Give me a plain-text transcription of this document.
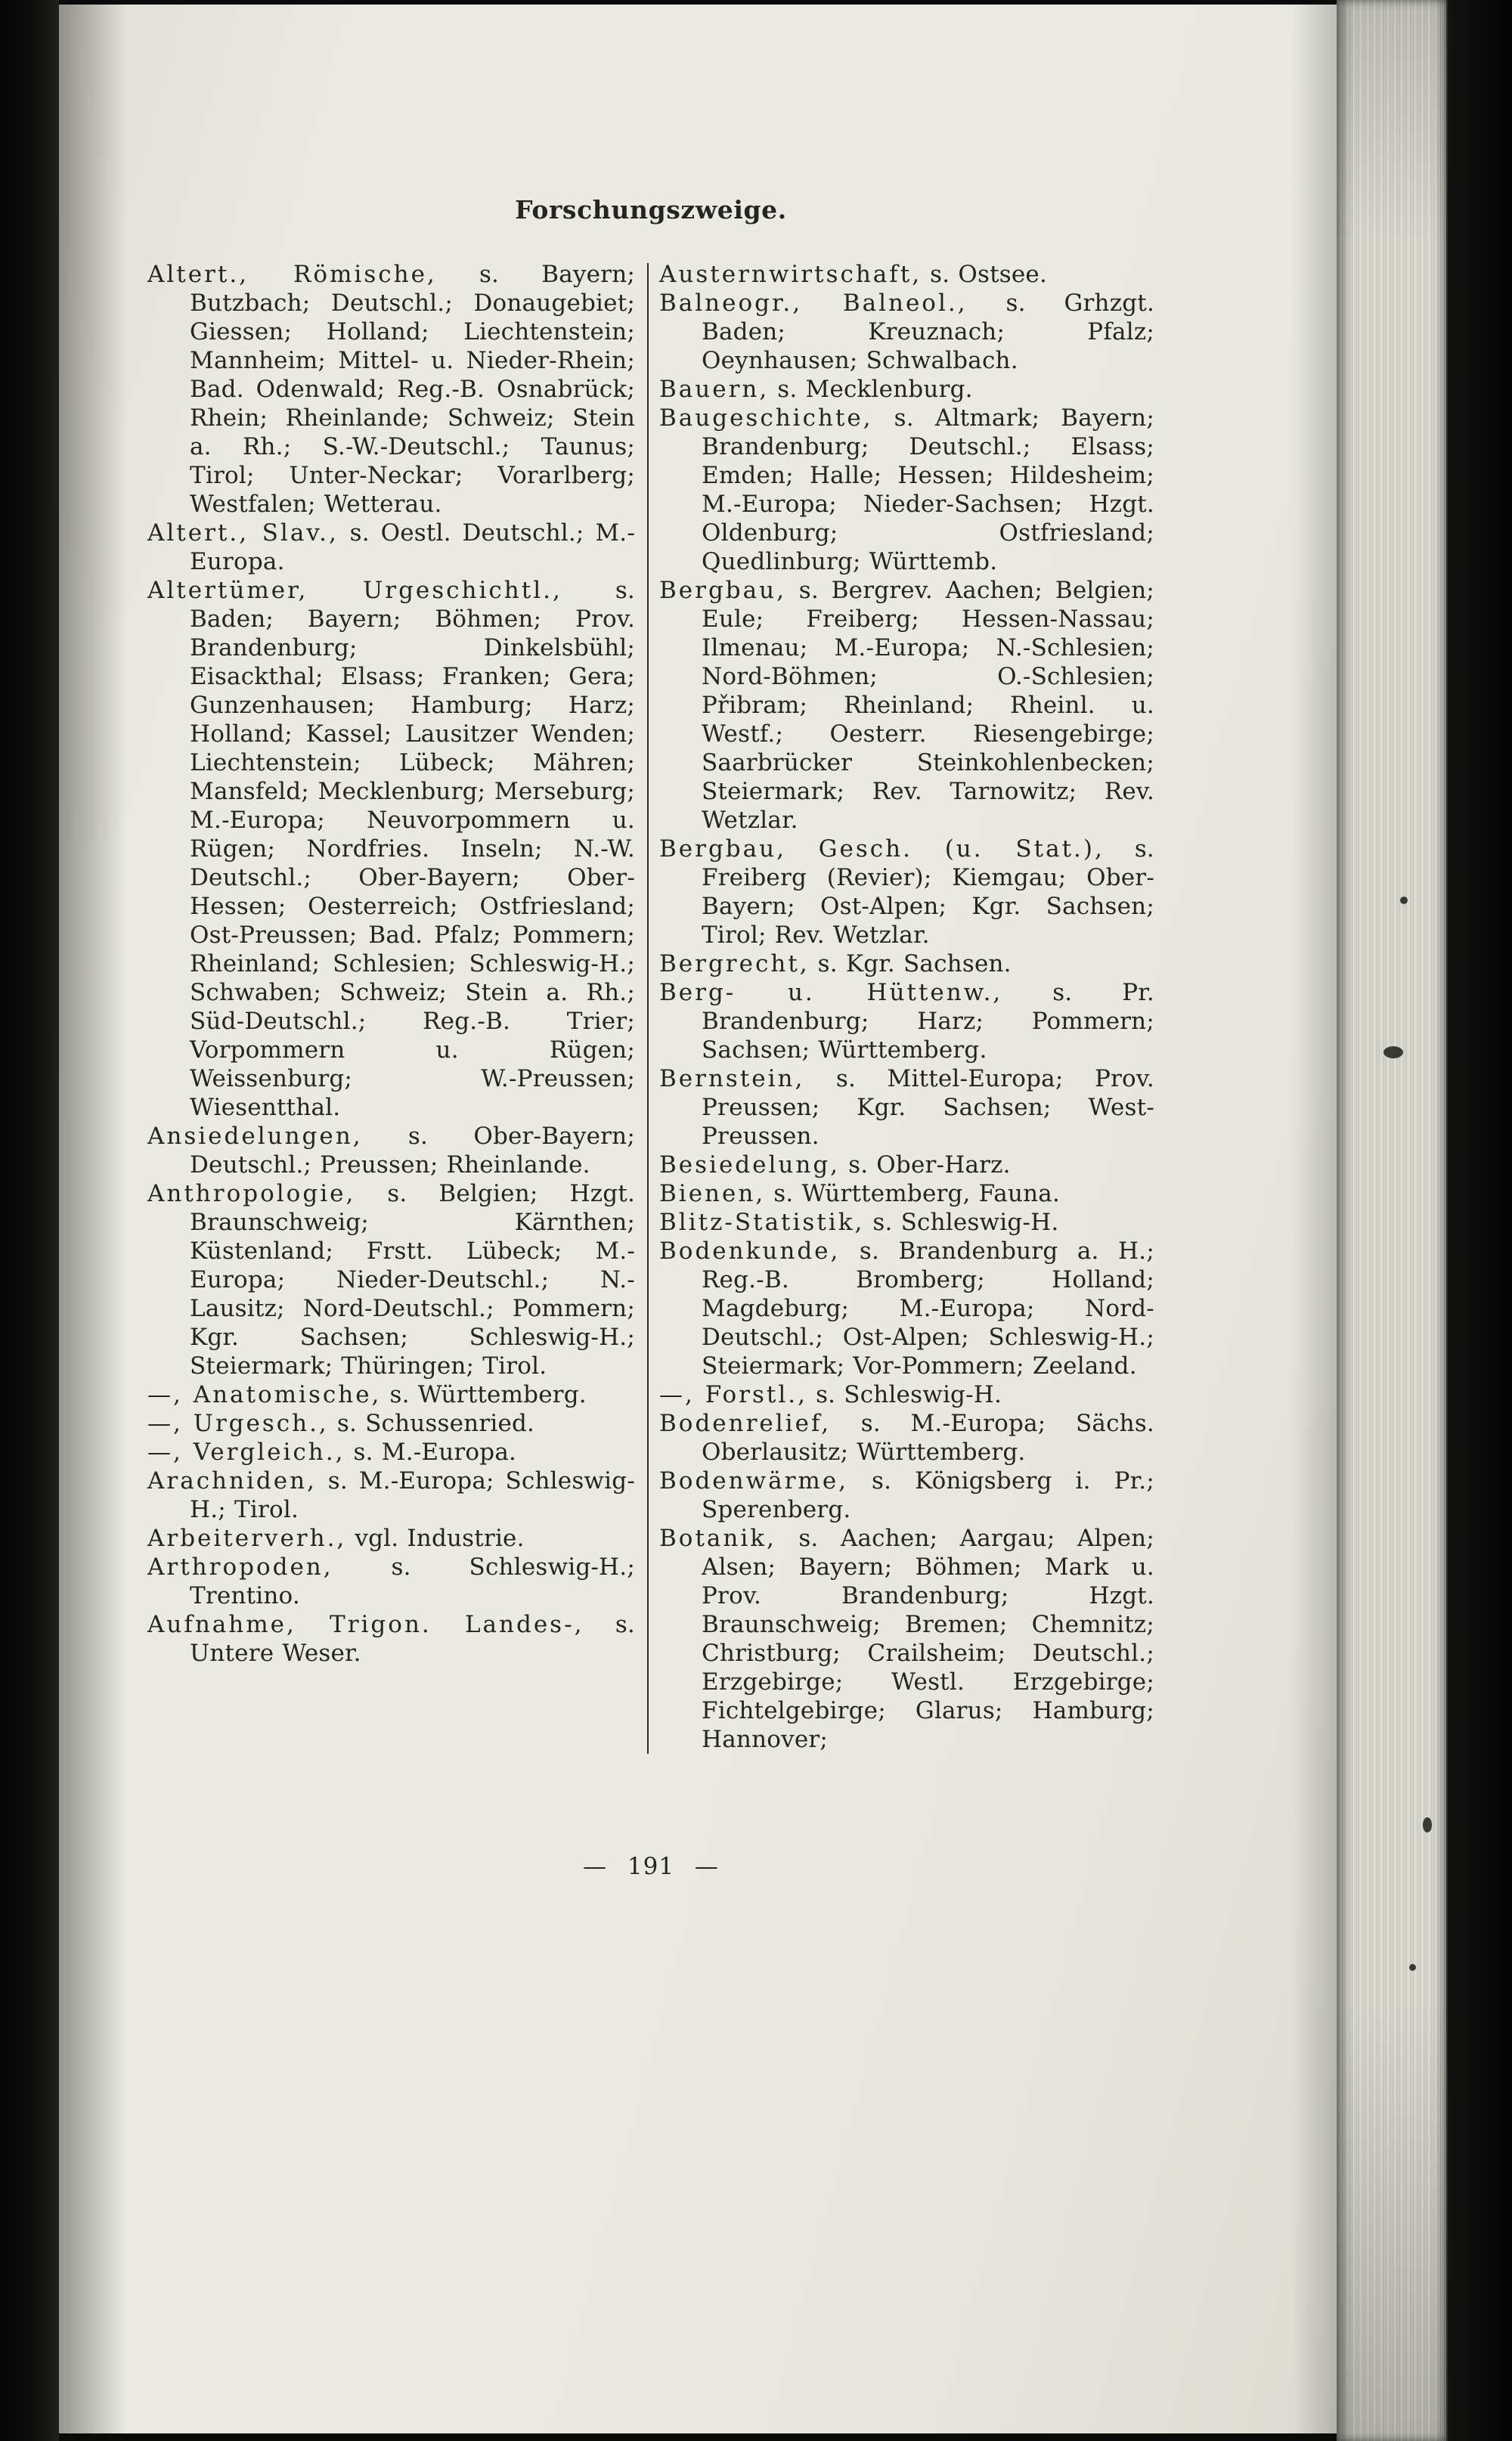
Forschungszweige.

Altert., Römische, s. Bayern; Butzbach; Deutschl.; Donaugebiet; Giessen; Holland; Liechtenstein; Mannheim; Mittel- u. Nieder-Rhein; Bad. Odenwald; Reg.-B. Osnabrück; Rhein; Rheinlande; Schweiz; Stein a. Rh.; S.-W.-Deutschl.; Taunus; Tirol; Unter-Neckar; Vorarlberg; Westfalen; Wetterau.

Altert., Slav., s. Oestl. Deutschl.; M.-Europa.

Altertümer, Urgeschichtl., s. Baden; Bayern; Böhmen; Prov. Brandenburg; Dinkelsbühl; Eisackthal; Elsass; Franken; Gera; Gunzenhausen; Hamburg; Harz; Holland; Kassel; Lausitzer Wenden; Liechtenstein; Lübeck; Mähren; Mansfeld; Mecklenburg; Merseburg; M.-Europa; Neuvorpommern u. Rügen; Nordfries. Inseln; N.-W. Deutschl.; Ober-Bayern; Ober-Hessen; Oesterreich; Ostfriesland; Ost-Preussen; Bad. Pfalz; Pommern; Rheinland; Schlesien; Schleswig-H.; Schwaben; Schweiz; Stein a. Rh.; Süd-Deutschl.; Reg.-B. Trier; Vorpommern u. Rügen; Weissenburg; W.-Preussen; Wiesentthal.

Ansiedelungen, s. Ober-Bayern; Deutschl.; Preussen; Rheinlande.

Anthropologie, s. Belgien; Hzgt. Braunschweig; Kärnthen; Küstenland; Frstt. Lübeck; M.-Europa; Nieder-Deutschl.; N.-Lausitz; Nord-Deutschl.; Pommern; Kgr. Sachsen; Schleswig-H.; Steiermark; Thüringen; Tirol.

—, Anatomische, s. Württemberg.

—, Urgesch., s. Schussenried.

—, Vergleich., s. M.-Europa.

Arachniden, s. M.-Europa; Schleswig-H.; Tirol.

Arbeiterverh., vgl. Industrie.

Arthropoden, s. Schleswig-H.; Trentino.

Aufnahme, Trigon. Landes-, s. Untere Weser.

Austernwirtschaft, s. Ostsee.

Balneogr., Balneol., s. Grhzgt. Baden; Kreuznach; Pfalz; Oeynhausen; Schwalbach.

Bauern, s. Mecklenburg.

Baugeschichte, s. Altmark; Bayern; Brandenburg; Deutschl.; Elsass; Emden; Halle; Hessen; Hildesheim; M.-Europa; Nieder-Sachsen; Hzgt. Oldenburg; Ostfriesland; Quedlinburg; Württemb.

Bergbau, s. Bergrev. Aachen; Belgien; Eule; Freiberg; Hessen-Nassau; Ilmenau; M.-Europa; N.-Schlesien; Nord-Böhmen; O.-Schlesien; Přibram; Rheinland; Rheinl. u. Westf.; Oesterr. Riesengebirge; Saarbrücker Steinkohlenbecken; Steiermark; Rev. Tarnowitz; Rev. Wetzlar.

Bergbau, Gesch. (u. Stat.), s. Freiberg (Revier); Kiemgau; Ober-Bayern; Ost-Alpen; Kgr. Sachsen; Tirol; Rev. Wetzlar.

Bergrecht, s. Kgr. Sachsen.

Berg- u. Hüttenw., s. Pr. Brandenburg; Harz; Pommern; Sachsen; Württemberg.

Bernstein, s. Mittel-Europa; Prov. Preussen; Kgr. Sachsen; West-Preussen.

Besiedelung, s. Ober-Harz.

Bienen, s. Württemberg, Fauna.

Blitz-Statistik, s. Schleswig-H.

Bodenkunde, s. Brandenburg a. H.; Reg.-B. Bromberg; Holland; Magdeburg; M.-Europa; Nord-Deutschl.; Ost-Alpen; Schleswig-H.; Steiermark; Vor-Pommern; Zeeland.

—, Forstl., s. Schleswig-H.

Bodenrelief, s. M.-Europa; Sächs. Oberlausitz; Württemberg.

Bodenwärme, s. Königsberg i. Pr.; Sperenberg.

Botanik, s. Aachen; Aargau; Alpen; Alsen; Bayern; Böhmen; Mark u. Prov. Brandenburg; Hzgt. Braunschweig; Bremen; Chemnitz; Christburg; Crailsheim; Deutschl.; Erzgebirge; Westl. Erzgebirge; Fichtelgebirge; Glarus; Hamburg; Hannover;

— 191 —
